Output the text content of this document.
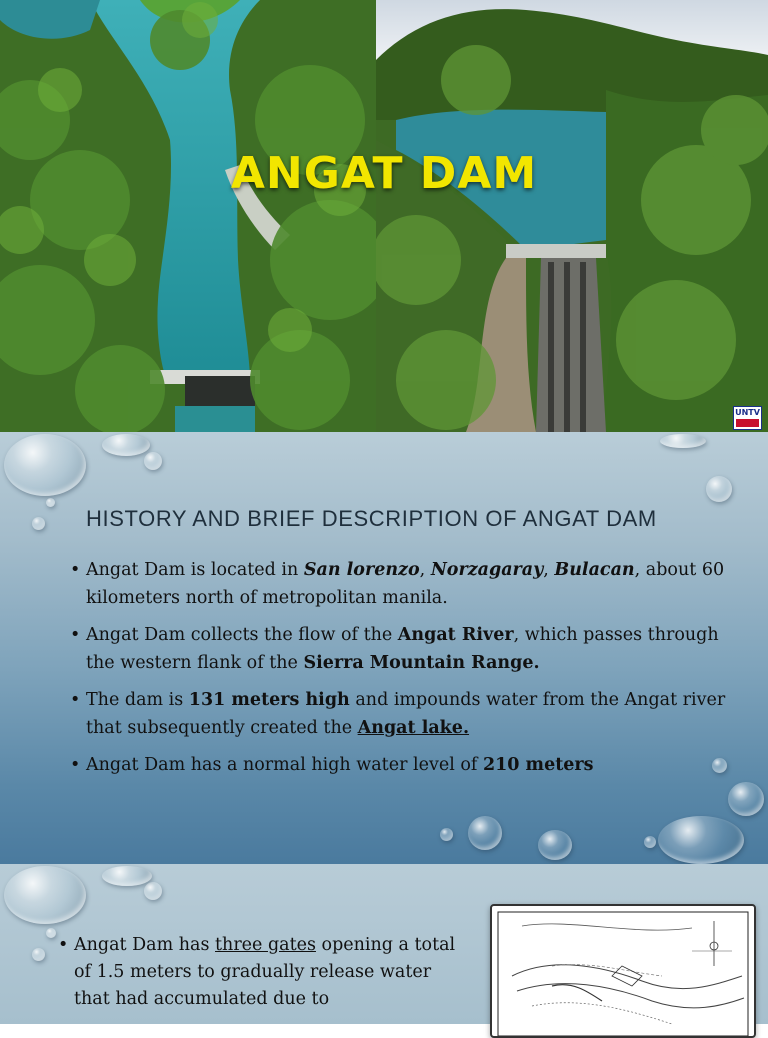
ANGAT DAM
UNTV
HISTORY AND BRIEF DESCRIPTION OF ANGAT DAM
• Angat Dam is located in San lorenzo, Norzagaray, Bulacan, about 60 kilometers north of metropolitan manila.
• Angat Dam collects the flow of the Angat River, which passes through the western flank of the Sierra Mountain Range.
• The dam is 131 meters high and impounds water from the Angat river that subsequently created the Angat lake.
• Angat Dam has a normal high water level of 210 meters
• Angat Dam has three gates opening a total of 1.5 meters to gradually release water that had accumulated due to
